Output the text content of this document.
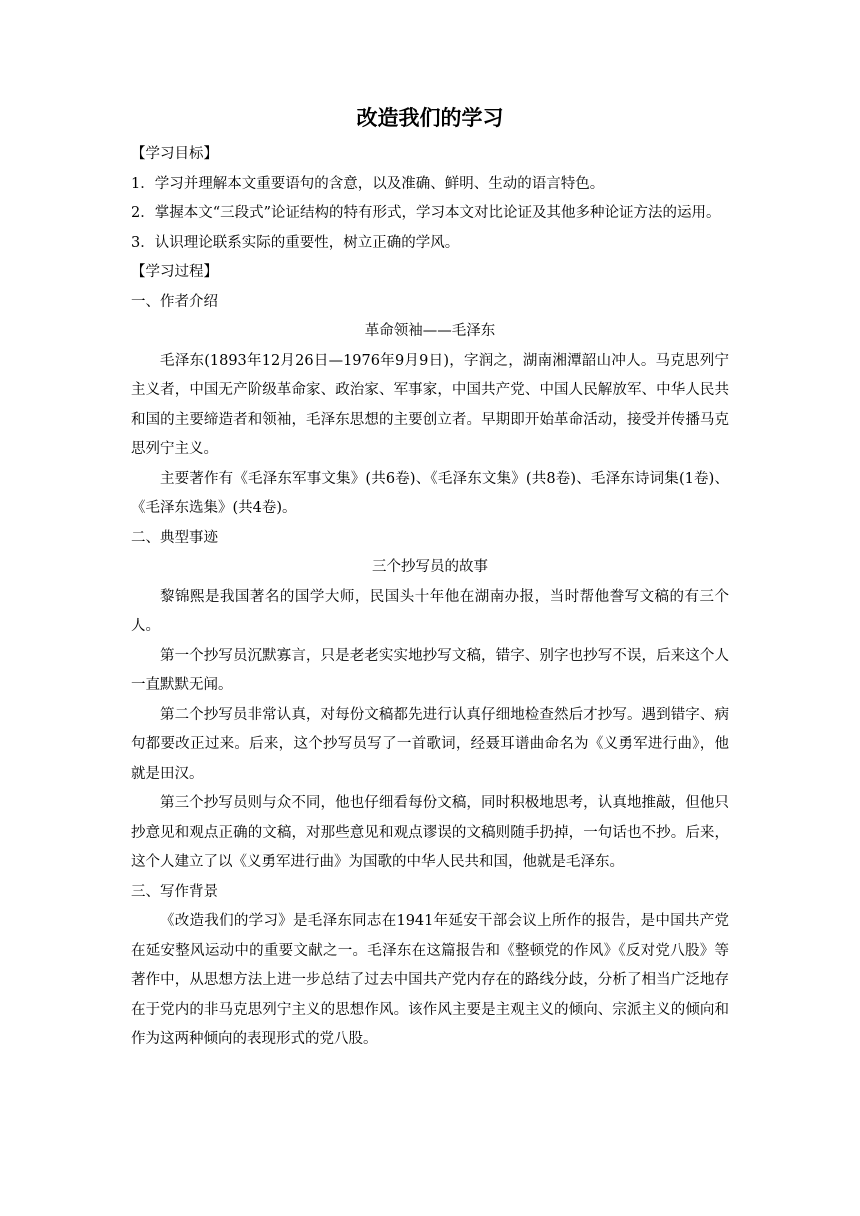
改造我们的学习

【学习目标】

1．学习并理解本文重要语句的含意，以及准确、鲜明、生动的语言特色。

2．掌握本文“三段式”论证结构的特有形式，学习本文对比论证及其他多种论证方法的运用。

3．认识理论联系实际的重要性，树立正确的学风。

【学习过程】

一、作者介绍

革命领袖——毛泽东

毛泽东(1893年12月26日—1976年9月9日)，字润之，湖南湘潭韶山冲人。马克思列宁主义者，中国无产阶级革命家、政治家、军事家，中国共产党、中国人民解放军、中华人民共和国的主要缔造者和领袖，毛泽东思想的主要创立者。早期即开始革命活动，接受并传播马克思列宁主义。

主要著作有《毛泽东军事文集》(共6卷)、《毛泽东文集》(共8卷)、毛泽东诗词集(1卷)、《毛泽东选集》(共4卷)。

二、典型事迹

三个抄写员的故事

黎锦熙是我国著名的国学大师，民国头十年他在湖南办报，当时帮他誊写文稿的有三个人。

第一个抄写员沉默寡言，只是老老实实地抄写文稿，错字、别字也抄写不误，后来这个人一直默默无闻。

第二个抄写员非常认真，对每份文稿都先进行认真仔细地检查然后才抄写。遇到错字、病句都要改正过来。后来，这个抄写员写了一首歌词，经聂耳谱曲命名为《义勇军进行曲》，他就是田汉。

第三个抄写员则与众不同，他也仔细看每份文稿，同时积极地思考，认真地推敲，但他只抄意见和观点正确的文稿，对那些意见和观点谬误的文稿则随手扔掉，一句话也不抄。后来，这个人建立了以《义勇军进行曲》为国歌的中华人民共和国，他就是毛泽东。

三、写作背景

《改造我们的学习》是毛泽东同志在1941年延安干部会议上所作的报告，是中国共产党在延安整风运动中的重要文献之一。毛泽东在这篇报告和《整顿党的作风》《反对党八股》等著作中，从思想方法上进一步总结了过去中国共产党内存在的路线分歧，分析了相当广泛地存在于党内的非马克思列宁主义的思想作风。该作风主要是主观主义的倾向、宗派主义的倾向和作为这两种倾向的表现形式的党八股。
